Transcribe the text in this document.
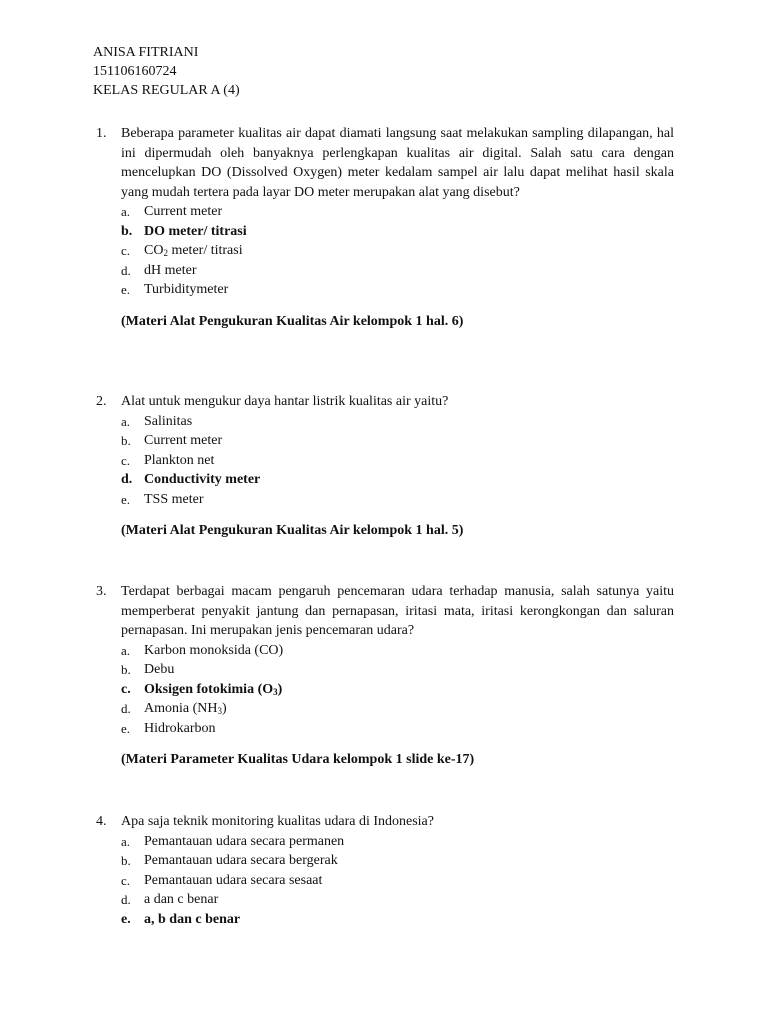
ANISA FITRIANI
151106160724
KELAS REGULAR A (4)
1. Beberapa parameter kualitas air dapat diamati langsung saat melakukan sampling dilapangan, hal ini dipermudah oleh banyaknya perlengkapan kualitas air digital. Salah satu cara dengan mencelupkan DO (Dissolved Oxygen) meter kedalam sampel air lalu dapat melihat hasil skala yang mudah tertera pada layar DO meter merupakan alat yang disebut?
a. Current meter
b. DO meter/ titrasi
c. $CO_2$ meter/ titrasi
d. dH meter
e. Turbiditymeter
(Materi Alat Pengukuran Kualitas Air kelompok 1 hal. 6)
2. Alat untuk mengukur daya hantar listrik kualitas air yaitu?
a. Salinitas
b. Current meter
c. Plankton net
d. Conductivity meter
e. TSS meter
(Materi Alat Pengukuran Kualitas Air kelompok 1 hal. 5)
3. Terdapat berbagai macam pengaruh pencemaran udara terhadap manusia, salah satunya yaitu memperberat penyakit jantung dan pernapasan, iritasi mata, iritasi kerongkongan dan saluran pernapasan. Ini merupakan jenis pencemaran udara?
a. Karbon monoksida (CO)
b. Debu
c. Oksigen fotokimia $(O_3)$
d. Amonia $(NH_3)$
e. Hidrokarbon
(Materi Parameter Kualitas Udara kelompok 1 slide ke-17)
4. Apa saja teknik monitoring kualitas udara di Indonesia?
a. Pemantauan udara secara permanen
b. Pemantauan udara secara bergerak
c. Pemantauan udara secara sesaat
d. a dan c benar
e. a, b dan c benar
